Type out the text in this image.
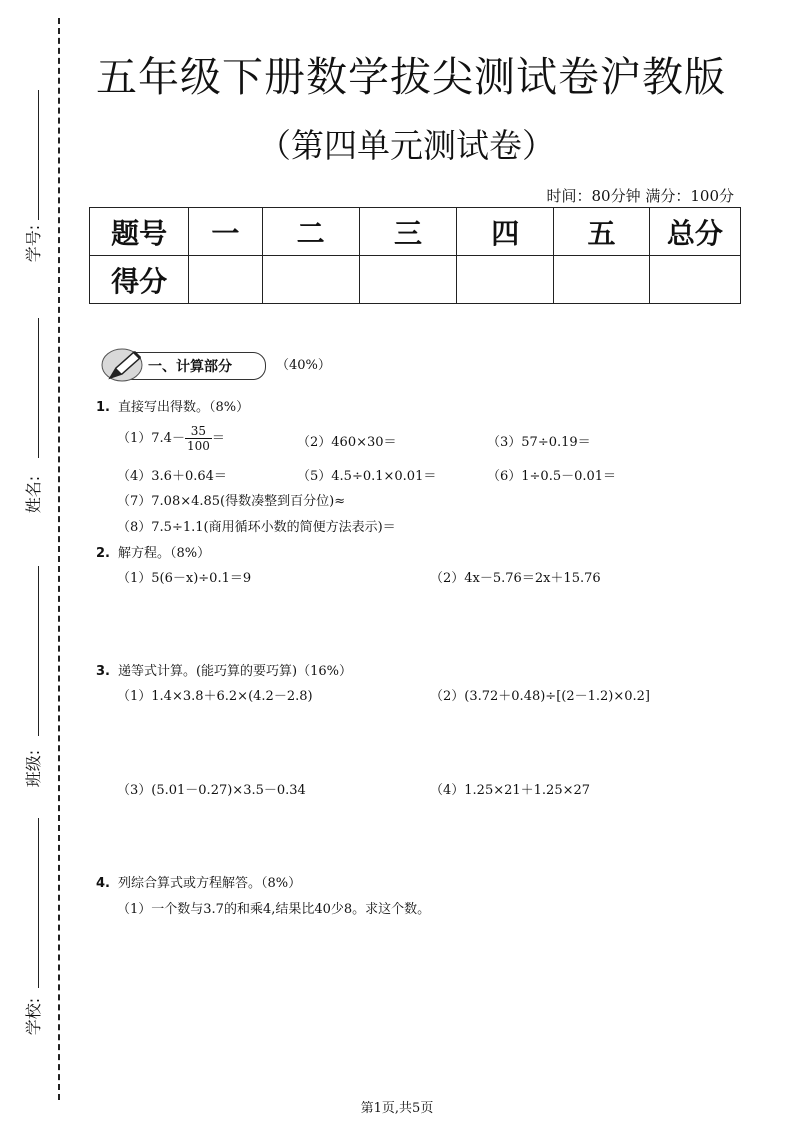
学号:
姓名:
班级:
学校:
五年级下册数学拔尖测试卷沪教版
（第四单元测试卷）
时间：80分钟 满分：100分
题号	一	二	三	四	五	总分
得分						
一、计算部分	（40%）
1. 直接写出得数。（8%）
$(1)7.4- \frac{35}{100}$ ＝	（2）460×30＝	（3）57÷0.19＝
（4）3.6＋0.64＝	（5）4.5÷0.1×0.01＝	（6）1÷0.5－0.01＝
（7）7.08×4.85(得数凑整到百分位)≈
（8）7.5÷1.1(商用循环小数的简便方法表示)＝
2. 解方程。（8%）
（1）5(6－x)÷0.1＝9	（2）4x－5.76＝2x＋15.76
3. 递等式计算。(能巧算的要巧算)（16%）
（1）1.4×3.8＋6.2×(4.2－2.8)	（2）(3.72＋0.48)÷[(2－1.2)×0.2]
（3）(5.01－0.27)×3.5－0.34	（4）1.25×21＋1.25×27
4. 列综合算式或方程解答。（8%）
（1）一个数与3.7的和乘4,结果比40少8。求这个数。
第1页,共5页
